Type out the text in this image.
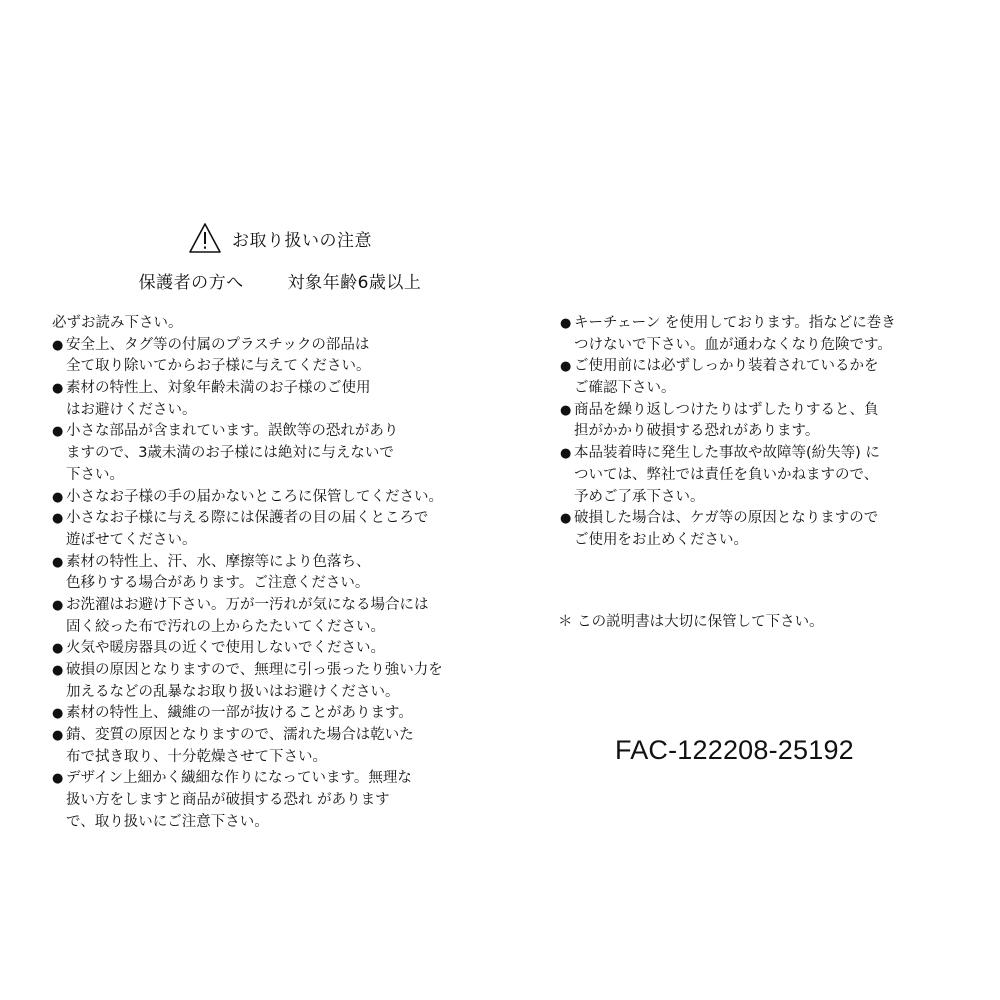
お取り扱いの注意
保護者の方へ	対象年齢6歳以上
必ずお読み下さい。
● 安全上、タグ等の付属のプラスチックの部品は
全て取り除いてからお子様に与えてください。
● 素材の特性上、対象年齢未満のお子様のご使用
はお避けください。
● 小さな部品が含まれています。誤飲等の恐れがあり
ますので、3歳未満のお子様には絶対に与えないで
下さい。
● 小さなお子様の手の届かないところに保管してください。
● 小さなお子様に与える際には保護者の目の届くところで
遊ばせてください。
● 素材の特性上、汗、水、摩擦等により色落ち、
色移りする場合があります。ご注意ください。
● お洗濯はお避け下さい。万が一汚れが気になる場合には
固く絞った布で汚れの上からたたいてください。
● 火気や暖房器具の近くで使用しないでください。
● 破損の原因となりますので、無理に引っ張ったり強い力を
加えるなどの乱暴なお取り扱いはお避けください。
● 素材の特性上、繊維の一部が抜けることがあります。
● 錆、変質の原因となりますので、濡れた場合は乾いた
布で拭き取り、十分乾燥させて下さい。
● デザイン上細かく繊細な作りになっています。無理な
扱い方をしますと商品が破損する恐れ があります
で、取り扱いにご注意下さい。
● キーチェーン を使用しております。指などに巻き
つけないで下さい。血が通わなくなり危険です。
● ご使用前には必ずしっかり装着されているかを
ご確認下さい。
● 商品を繰り返しつけたりはずしたりすると、負
担がかかり破損する恐れがあります。
● 本品装着時に発生した事故や故障等(紛失等) に
ついては、弊社では責任を負いかねますので、
予めご了承下さい。
● 破損した場合は、ケガ等の原因となりますので
ご使用をお止めください。
＊ この説明書は大切に保管して下さい。
FAC-122208-25192
